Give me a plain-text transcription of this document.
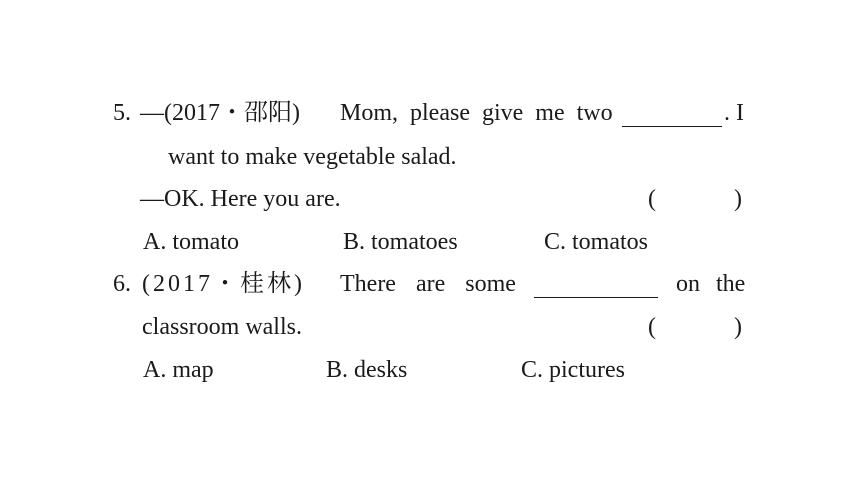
5. —(2017・邵阳) Mom, please give me two	. I
want to make vegetable salad.
—OK. Here you are.	(	)
A. tomato	B. tomatoes	C. tomatos
6. (2017・桂林) There are some	on the
classroom walls.	(	)
A. map	B. desks	C. pictures
